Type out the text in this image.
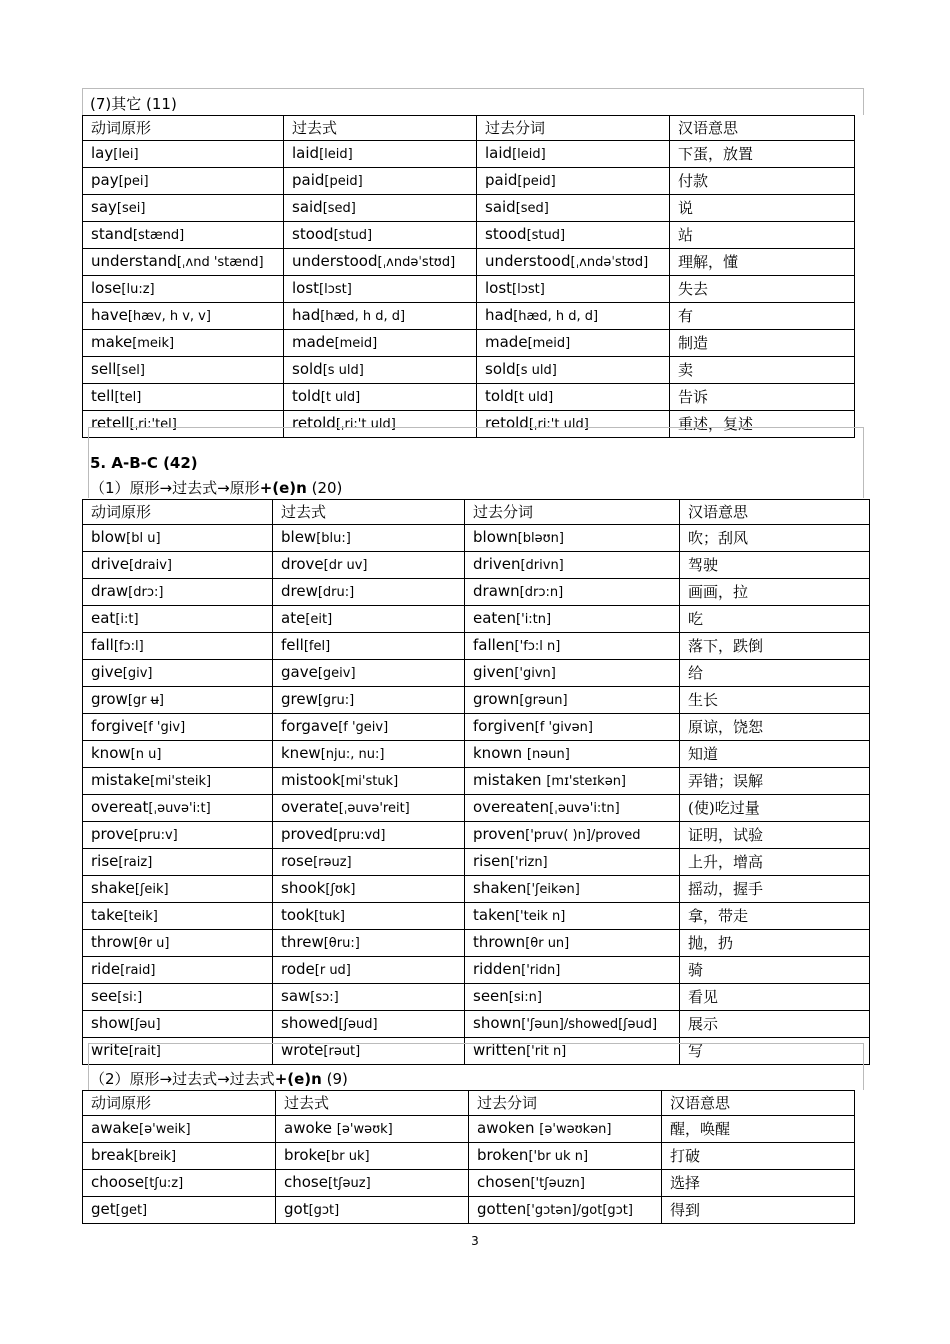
(7)其它 (11)
动词原形	过去式	过去分词	汉语意思
lay[lei]	laid[leid]	laid[leid]	下蛋，放置
pay[pei]	paid[peid]	paid[peid]	付款
say[sei]	said[sed]	said[sed]	说
stand[stænd]	stood[stud]	stood[stud]	站
understand[ˌʌnd 'stænd]	understood[ˌʌndəˈstʊd]	understood[ˌʌndəˈstʊd]	理解，懂
lose[lu:z]	lost[lɔst]	lost[lɔst]	失去
have[hæv, h v, v]	had[hæd, h d, d]	had[hæd, h d, d]	有
make[meik]	made[meid]	made[meid]	制造
sell[sel]	sold[s uld]	sold[s uld]	卖
tell[tel]	told[t uld]	told[t uld]	告诉
retell[ˌri:'tel]	retold[ˌri:'t uld]	retold[ˌri:'t uld]	重述，复述
5. A-B-C (42)
（1）原形→过去式→原形+(e)n (20)
动词原形	过去式	过去分词	汉语意思
blow[bl u]	blew[blu:]	blown[bləʊn]	吹；刮风
drive[draiv]	drove[dr uv]	driven[drivn]	驾驶
draw[drɔ:]	drew[dru:]	drawn[drɔ:n]	画画，拉
eat[i:t]	ate[eit]	eaten['i:tn]	吃
fall[fɔ:l]	fell[fel]	fallen['fɔ:l n]	落下，跌倒
give[giv]	gave[geiv]	given['givn]	给
grow[gr ʉ]	grew[gru:]	grown[grəun]	生长
forgive[f 'giv]	forgave[f 'geiv]	forgiven[f 'givən]	原谅，饶恕
know[n u]	knew[nju:, nu:]	known [nəun]	知道
mistake[mi'steik]	mistook[mi'stuk]	mistaken [mɪ'steɪkən]	弄错；误解
overeat[ˌəuvə'i:t]	overate[ˌəuvə'reit]	overeaten[ˌəuvə'i:tn]	(使)吃过量
prove[pru:v]	proved[pru:vd]	proven['pruv( )n]/proved	证明，试验
rise[raiz]	rose[rəuz]	risen['rizn]	上升，增高
shake[ʃeik]	shook[ʃʊk]	shaken['ʃeikən]	摇动，握手
take[teik]	took[tuk]	taken['teik n]	拿，带走
throw[θr u]	threw[θru:]	thrown[θr un]	抛，扔
ride[raid]	rode[r ud]	ridden['ridn]	骑
see[si:]	saw[sɔ:]	seen[si:n]	看见
show[ʃəu]	showed[ʃəud]	shown['ʃəun]/showed[ʃəud]	展示
write[rait]	wrote[rəut]	written['rit n]	写
（2）原形→过去式→过去式+(e)n (9)
动词原形	过去式	过去分词	汉语意思
awake[ə'weik]	awoke [ə'wəʊk]	awoken [ə'wəʊkən]	醒，唤醒
break[breik]	broke[br uk]	broken['br uk n]	打破
choose[tʃu:z]	chose[tʃəuz]	chosen['tʃəuzn]	选择
get[get]	got[gɔt]	gotten['gɔtən]/got[gɔt]	得到
3
